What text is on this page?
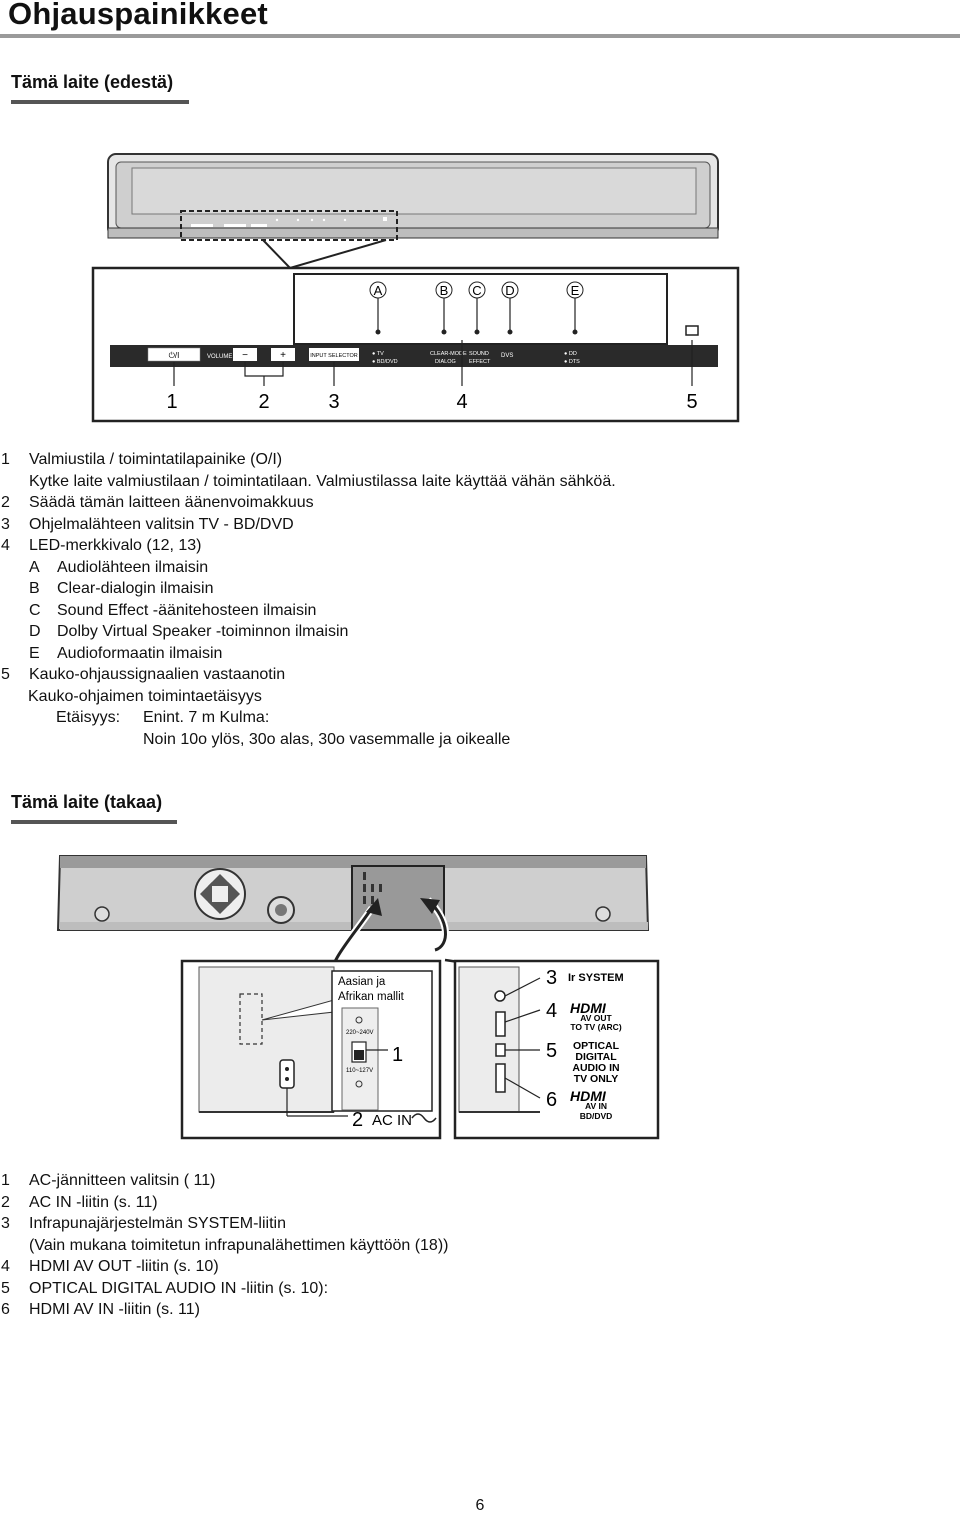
Ohjauspainikkeet
Tämä laite (edestä)
A	B C D	E
⏻/I	VOLUME −	+	INPUT SELECTOR	● TV
● BD/DVD
CLEAR-MODE
DIALOG
SOUND
EFFECT
DVS	● DD
● DTS
1	2	3	4	5
1 Valmiustila / toimintatilapainike (O/I)
Kytke laite valmiustilaan / toimintatilaan. Valmiustilassa laite käyttää vähän sähköä.
2 Säädä tämän laitteen äänenvoimakkuus
3 Ohjelmalähteen valitsin TV - BD/DVD
4 LED-merkkivalo (12, 13)
A Audiolähteen ilmaisin
B Clear-dialogin ilmaisin
C Sound Effect -äänitehosteen ilmaisin
D Dolby Virtual Speaker -toiminnon ilmaisin
E Audioformaatin ilmaisin
5 Kauko-ohjaussignaalien vastaanotin
Kauko-ohjaimen toimintaetäisyys
Etäisyys: Enint. 7 m Kulma:
Noin 10o ylös, 30o alas, 30o vasemmalle ja oikealle
Tämä laite (takaa)
Aasian ja
Afrikan mallit
220~240V
110~127V
1
2 AC IN
3
4
5
6
Ir SYSTEM
HDMI
AV OUT
TO TV (ARC)
OPTICAL
DIGITAL
AUDIO IN
TV ONLY
HDMI
AV IN
BD/DVD
1 AC-jännitteen valitsin ( 11)
2 AC IN -liitin (s. 11)
3 Infrapunajärjestelmän SYSTEM-liitin
(Vain mukana toimitetun infrapunalähettimen käyttöön (18))
4 HDMI AV OUT -liitin (s. 10)
5 OPTICAL DIGITAL AUDIO IN -liitin (s. 10):
6 HDMI AV IN -liitin (s. 11)
6
